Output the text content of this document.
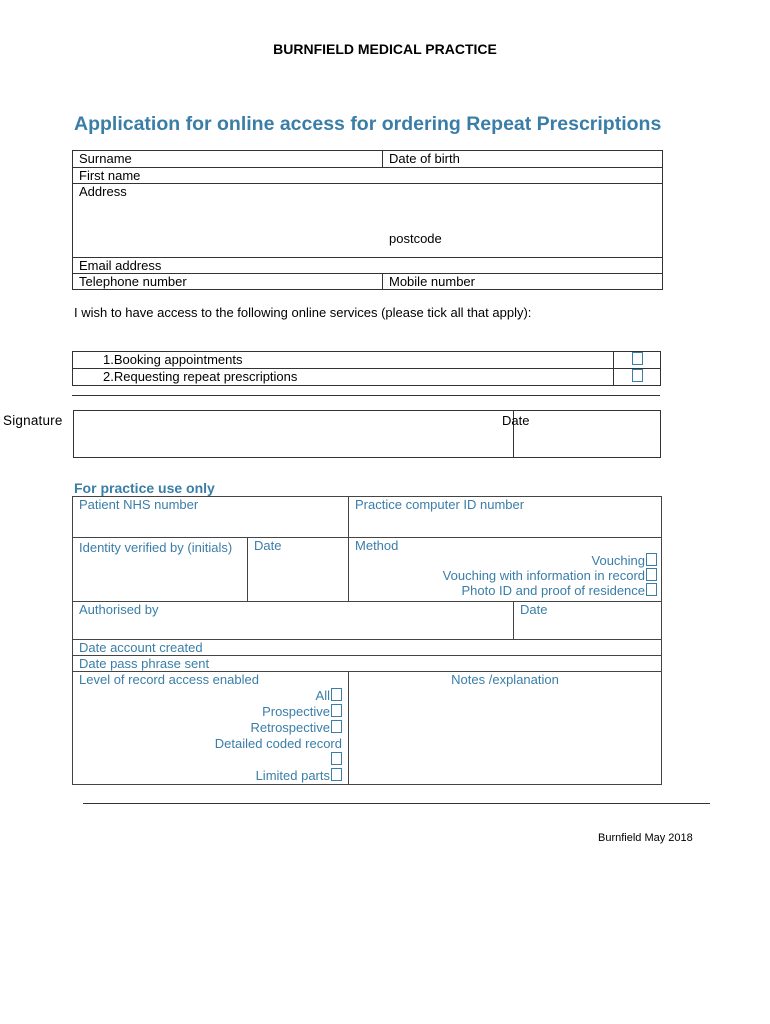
BURNFIELD MEDICAL PRACTICE
Application for online access for ordering Repeat Prescriptions
Surname	Date of birth
First name	
Address
postcode	

Email address	
Telephone number	Mobile number
I wish to have access to the following online services (please tick all that apply):
1.Booking appointments	
2.Requesting repeat prescriptions	
Signature
		Date
For practice use only
Patient NHS number		Practice computer ID number
Identity verified by (initials)	Date	Method
Vouching
Vouching with information in record
Photo ID and proof of residence
Authorised by	Date
Date account created
Date pass phrase sent
Level of record access enabled
All
Prospective
Retrospective
Detailed coded record
Limited parts
	Notes /explanation
Burnfield May 2018
